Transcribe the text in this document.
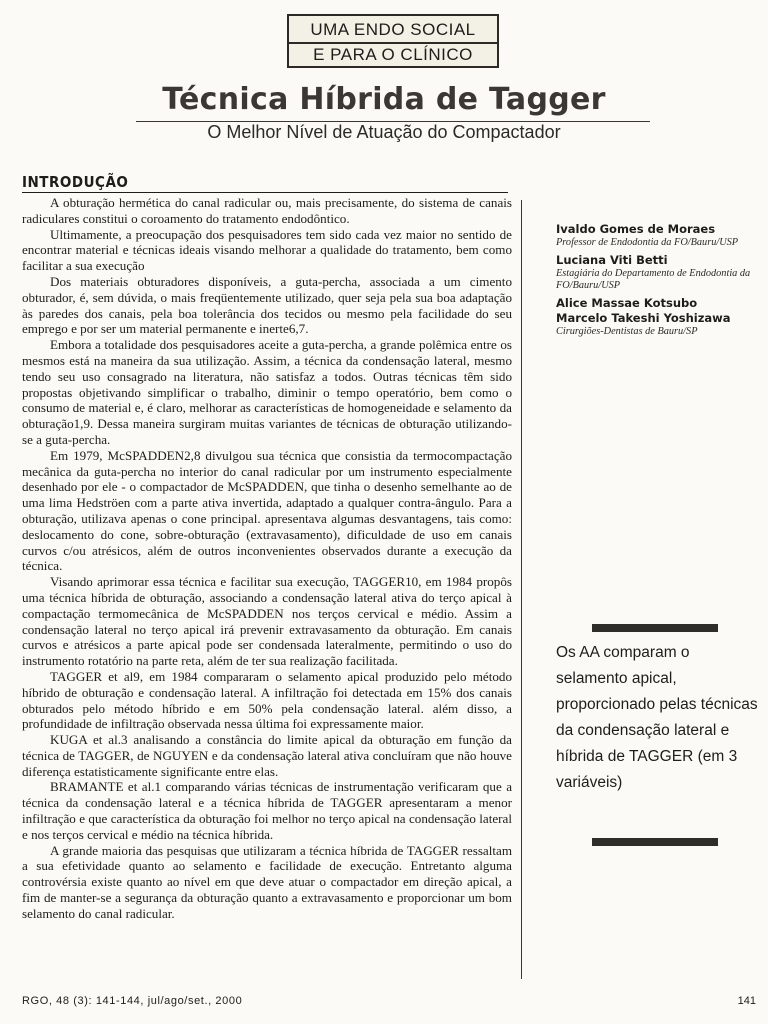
UMA ENDO SOCIAL
E PARA O CLÍNICO
Técnica Híbrida de Tagger
O Melhor Nível de Atuação do Compactador
INTRODUÇÃO

A obturação hermética do canal radicular ou, mais precisamente, do sistema de canais radiculares constitui o coroamento do tratamento endodôntico.

Ultimamente, a preocupação dos pesquisadores tem sido cada vez maior no sentido de encontrar material e técnicas ideais visando melhorar a qualidade do tratamento, bem como facilitar a sua execução

Dos materiais obturadores disponíveis, a guta-percha, associada a um cimento obturador, é, sem dúvida, o mais freqüentemente utilizado, quer seja pela sua boa adaptação às paredes dos canais, pela boa tolerância dos tecidos ou mesmo pela facilidade do seu emprego e por ser um material permanente e inerte6,7.

Embora a totalidade dos pesquisadores aceite a guta-percha, a grande polêmica entre os mesmos está na maneira da sua utilização. Assim, a técnica da condensação lateral, mesmo tendo seu uso consagrado na literatura, não satisfaz a todos. Outras técnicas têm sido propostas objetivando simplificar o trabalho, diminir o tempo operatório, bem como o consumo de material e, é claro, melhorar as características de homogeneidade e selamento da obturação1,9. Dessa maneira surgiram muitas variantes de técnicas de obturação utilizando-se a guta-percha.

Em 1979, McSPADDEN2,8 divulgou sua técnica que consistia da termocompactação mecânica da guta-percha no interior do canal radicular por um instrumento especialmente desenhado por ele - o compactador de McSPADDEN, que tinha o desenho semelhante ao de uma lima Hedströen com a parte ativa invertida, adaptado a qualquer contra-ângulo. Para a obturação, utilizava apenas o cone principal. apresentava algumas desvantagens, tais como: deslocamento do cone, sobre-obturação (extravasamento), dificuldade de uso em canais curvos c/ou atrésicos, além de outros inconvenientes observados durante a execução da técnica.

Visando aprimorar essa técnica e facilitar sua execução, TAGGER10, em 1984 propôs uma técnica híbrida de obturação, associando a condensação lateral ativa do terço apical à compactação termomecânica de McSPADDEN nos terços cervical e médio. Assim a condensação lateral no terço apical irá prevenir extravasamento da obturação. Em canais curvos e atrésicos a parte apical pode ser condensada lateralmente, permitindo o uso do instrumento rotatório na parte reta, além de ter sua realização facilitada.

TAGGER et al9, em 1984 compararam o selamento apical produzido pelo método híbrido de obturação e condensação lateral. A infiltração foi detectada em 15% dos canais obturados pelo método híbrido e em 50% pela condensação lateral. além disso, a profundidade de infiltração observada nessa última foi expressamente maior.

KUGA et al.3 analisando a constância do limite apical da obturação em função da técnica de TAGGER, de NGUYEN e da condensação lateral ativa concluíram que não houve diferença estatisticamente significante entre elas.

BRAMANTE et al.1 comparando várias técnicas de instrumentação verificaram que a técnica da condensação lateral e a técnica híbrida de TAGGER apresentaram a menor infiltração e que característica da obturação foi melhor no terço apical na condensação lateral e nos terços cervical e médio na técnica híbrida.

A grande maioria das pesquisas que utilizaram a técnica híbrida de TAGGER ressaltam a sua efetividade quanto ao selamento e facilidade de execução. Entretanto alguma controvérsia existe quanto ao nível em que deve atuar o compactador em direção apical, a fim de manter-se a segurança da obturação quanto a extravasamento e proporcionar um bom selamento do canal radicular.

Ivaldo Gomes de Moraes
Professor de Endodontia da FO/Bauru/USP
Luciana Viti Betti
Estagiária do Departamento de Endodontia da FO/Bauru/USP
Alice Massae Kotsubo
Marcelo Takeshi Yoshizawa
Cirurgiões-Dentistas de Bauru/SP
Os AA comparam o selamento apical, proporcionado pelas técnicas da condensação lateral e híbrida de TAGGER (em 3 variáveis)
RGO, 48 (3): 141-144, jul/ago/set., 2000	141
